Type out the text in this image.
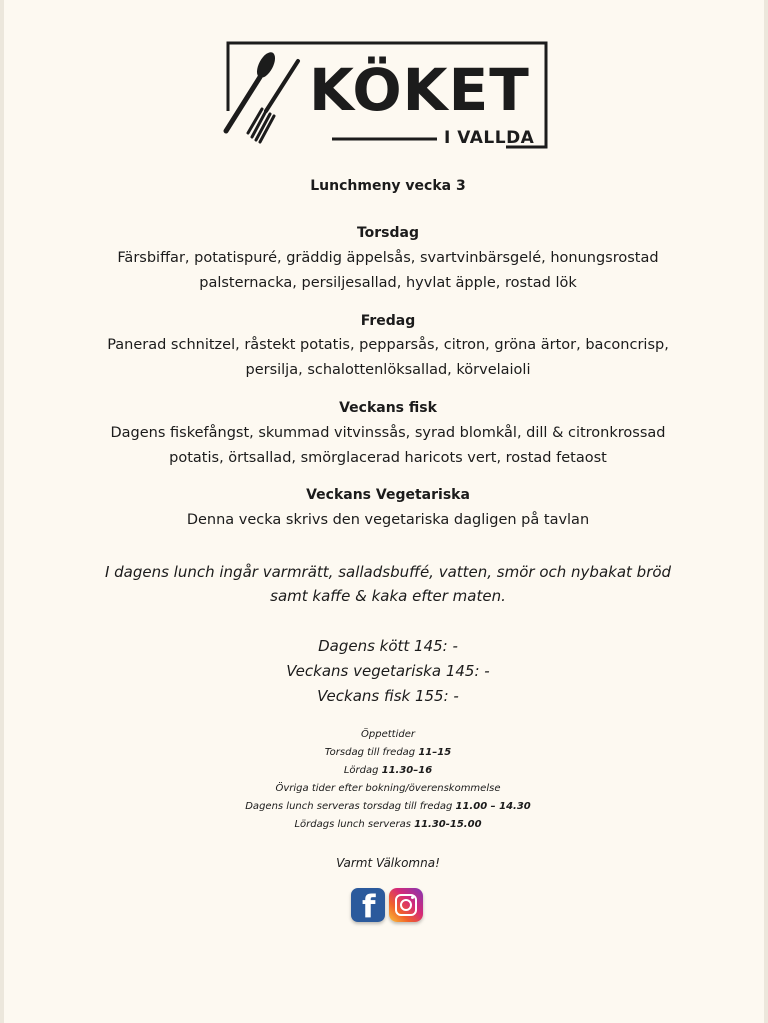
KÖKET
I VALLDA
Lunchmeny vecka 3
Torsdag
Färsbiffar, potatispuré, gräddig äppelsås, svartvinbärsgelé, honungsrostad
palsternacka, persiljesallad, hyvlat äpple, rostad lök
Fredag
Panerad schnitzel, råstekt potatis, pepparsås, citron, gröna ärtor, baconcrisp,
persilja, schalottenlöksallad, körvelaioli
Veckans fisk
Dagens fiskefångst, skummad vitvinssås, syrad blomkål, dill & citronkrossad
potatis, örtsallad, smörglacerad haricots vert, rostad fetaost
Veckans Vegetariska
Denna vecka skrivs den vegetariska dagligen på tavlan
I dagens lunch ingår varmrätt, salladsbuffé, vatten, smör och nybakat bröd
samt kaffe & kaka efter maten.
Dagens kött 145: -
Veckans vegetariska 145: -
Veckans fisk 155: -
Öppettider
Torsdag till fredag 11–15
Lördag 11.30–16
Övriga tider efter bokning/överenskommelse
Dagens lunch serveras torsdag till fredag 11.00 – 14.30
Lördags lunch serveras 11.30-15.00
Varmt Välkomna!
f
